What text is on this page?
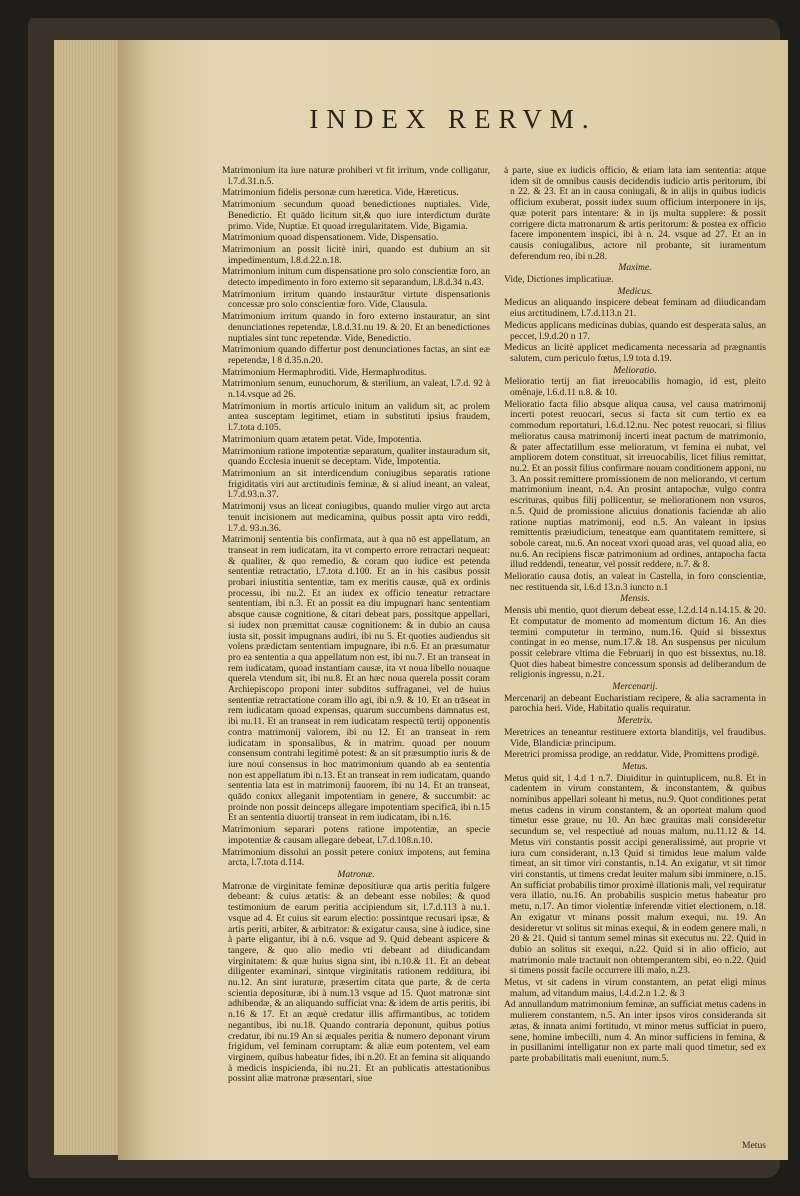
INDEX RERVM.
Matrimonium ita iure naturæ prohiberi vt fit irritum, vnde colligatur, l.7.d.31.n.5.
Matrimonium fidelis personæ cum hæretica. Vide, Hæreticus.
Matrimonium secundum quoad benedictiones nuptiales. Vide, Benedictio. Et quādo licitum sit,& quo iure interdictum durāte primo. Vide, Nuptiæ. Et quoad irregularitatem. Vide, Bigamia.
Matrimonium quoad dispensationem. Vide, Dispensatio.
Matrimonium an possit licitè iniri, quando est dubium an sit impedimentum, l.8.d.22.n.18.
Matrimonium initum cum dispensatione pro solo conscientiæ foro, an detecto impedimento in foro externo sit separandum, l.8.d.34 n.43.
Matrimonium irritum quando instaurātur virtute dispensationis concessæ pro solo conscientiæ foro. Vide, Clausula.
Matrimonium irritum quando in foro externo instauratur, an sint denunciationes repetendæ, l.8.d.31.nu 19. & 20. Et an benedictiones nuptiales sint tunc repetendæ. Vide, Benedictio.
Matrimonium quando differtur post denunciationes factas, an sint eæ repetendæ, l 8 d.35.n.20.
Matrimonium Hermaphroditi. Vide, Hermaphroditus.
Matrimonium senum, eunuchorum, & sterilium, an valeat, l.7.d. 92 à n.14.vsque ad 26.
Matrimonium in mortis articulo initum an validum sit, ac prolem antea susceptam legitimet, etiam in substituti ipsius fraudem, l.7.tota d.105.
Matrimonium quam ætatem petat. Vide, Impotentia.
Matrimonium ratione impotentiæ separatum, qualiter instauradum sit, quando Ecclesia inuenit se deceptam. Vide, Impotentia.
Matrimonium an sit interdicendum coniugibus separatis ratione frigiditatis viri aut arctitudinis feminæ, & si aliud ineant, an valeat, l.7.d.93.n.37.
Matrimonij vsus an liceat coniugibus, quando mulier virgo aut arcta tenuit incisionem aut medicamina, quibus possit apta viro reddi, l.7.d. 93.n.36.
Matrimonij sententia bis confirmata, aut à qua nō est appellatum, an transeat in rem iudicatam, ita vt comperto errore retractari nequeat: & qualiter, & quo remedio, & coram quo iudice est petenda sententiæ retractatio, l.7.tota d.100. Et an in his casibus possit probari iniustitia sententiæ, tam ex meritis causæ, quā ex ordinis processu, ibi nu.2. Et an iudex ex officio teneatur retractare sententiam, ibi n.3. Et an possit ea diu impugnari hanc sententiam absque causæ cognitione, & citari debeat pars, possitque appellari, si iudex non præmittat causæ cognitionem: & in dubio an causa iusta sit, possit impugnans audiri, ibi nu 5. Et quoties audiendus sit volens prædictam sententiam impugnare, ibi n.6. Et an præsumatur pro ea sententia a qua appellatum non est, ibi nu.7. Et an transeat in rem iudicatam, quoad instantiam causæ, ita vt noua libello nouaque querela vtendum sit, ibi nu.8. Et an hæc noua querela possit coram Archiepiscopo proponi inter subditos suffraganei, vel de huius sententiæ retractatione coram illo agi, ibi n.9. & 10. Et an trāseat in rem iudicatam quoad expensas, quarum succumbens damnatus est, ibi nu.11. Et an transeat in rem iudicatam respectū tertij opponentis contra matrimonij valorem, ibi nu 12. Et an transeat in rem iudicatam in sponsalibus, & in matrim. quoad per nouum consensum contrahi legitimè potest: & an sit præsumptio iuris & de iure noui consensus in hoc matrimonium quando ab ea sententia non est appellatum ibi n.13. Et an transeat in rem iudicatam, quando sententia lata est in matrimonij fauorem, ibi nu 14. Et an transeat, quādo coniux alleganit impotentiam in genere, & succumbit: ac proinde non possit deinceps allegare impotentiam specificā, ibi n.15 Et an sententia diuortij transeat in rem iudicatam, ibi n.16.
Matrimonium separari potens ratione impotentiæ, an specie impotentiæ & causam allegare debeat, l.7.d.108.n.10.
Matrimonium dissolui an possit petere coniux impotens, aut femina arcta, l.7.tota d.114.
Matronæ.
Matronæ de virginitate feminæ depositiuræ qua artis peritia fulgere debeant: & cuius ætatis: & an debeant esse nobiles: & quod testimonium de earum peritia accipiendum sit, l.7.d.113 à nu.1. vsque ad 4. Et cuius sit earum electio: possintque recusari ipsæ, & artis periti, arbiter, & arbitrator: & exigatur causa, sine à iudice, sine à parte eligantur, ibi à n.6. vsque ad 9. Quid debeant aspicere & tangere, & quo alio medio vti debeant ad diiudicandam virginitatem: & quæ huius signa sint, ibi n.10.& 11. Et an debeat diligenter examinari, sintque virginitatis rationem redditura, ibi nu.12. An sint iuraturæ, præsertim citata que parte, & de certa scientia deposituræ, ibi à num.13 vsque ad 15. Quot matronæ sint adhibendæ, & an aliquando sufficiat vna: & idem de artis peritis, ibi n.16 & 17. Et an æquè credatur illis affirmantibus, ac totidem negantibus, ibi nu.18. Quando contraria deponunt, quibus potius credatur, ibi nu.19 An si æquales peritia & numero deponant virum frigidum, vel feminam corruptam: & aliæ eum potentem, vel eam virginem, quibus habeatur fides, ibi n.20. Et an femina sit aliquando à medicis inspicienda, ibi nu.21. Et an publicatis attestationibus possint aliæ matronæ præsentari, siue
à parte, siue ex iudicis officio, & etiam lata iam sententia: atque idem sit de omnibus causis decidendis iudicio artis peritorum, ibi n 22. & 23. Et an in causa coniugali, & in alijs in quibus iudicis officium exuberat, possit iudex suum officium interponere in ijs, quæ poterit pars intentare: & in ijs multa supplere: & possit corrigere dicta matronarum & artis peritorum: & postea ex officio facere imponentem inspici, ibi à n. 24. vsque ad 27. Et an in causis coniugalibus, actore nil probante, sit iuramentum deferendum reo, ibi n.28.
Maxime.
Vide, Dictiones implicatiuæ.
Medicus.
Medicus an aliquando inspicere debeat feminam ad diiudicandam eius arctitudinem, l.7.d.113.n 21.
Medicus applicans medicinas dubias, quando est desperata salus, an peccet, l.9.d.20 n 17.
Medicus an licitè applicet medicamenta necessaria ad prægnantis salutem, cum periculo fœtus, l.9 tota d.19.
Melioratio.
Melioratio tertij an fiat irreuocabilis homagio, id est, pleito omênaje, l.6.d.11 n.8. & 10.
Melioratio facta filio absque aliqua causa, vel causa matrimonij incerti potest reuocari, secus si facta sit cum tertio ex ea commodum reportaturi, l.6.d.12.nu. Nec potest reuocari, si filius melioratus causa matrimonij incerti ineat pactum de matrimonio, & pater affectatillum esse melioratum, vt femina ei nubat, vel ampliorem dotem constituat, sit irreuocabilis, licet filius remittat, nu.2. Et an possit filius confirmare nouam conditionem apponi, nu 3. An possit remittere promissionem de non meliorando, vt certum matrimonium ineant, n.4. An prosint antapochæ, vulgo contra escrituras, quibus filij pollicentur, se meliorationem non vsuros, n.5. Quid de promissione alicuius donationis faciendæ ab alio ratione nuptias matrimonij, eod n.5. An valeant in ipsius remittentis præiudicium, teneatque eam quantitatem remittere, si sobole careat, nu.6. An noceat vxori quoad aras, vel quoad alia, eo nu.6. An recipiens fiscæ patrimonium ad ordines, antapocha facta illud reddendi, teneatur, vel possit reddere, n.7. & 8.
Melioratio causa dotis, an valeat in Castella, in foro conscientiæ, nec restituenda sit, l.6.d 13.n.3 iuncto n.1
Mensis.
Mensis ubi mentio, quot dierum debeat esse, l.2.d.14 n.14.15. & 20. Et computatur de momento ad momentum dictum 16. An dies termini computetur in termino, num.16. Quid si bissextus contingat in eo mense, num.17.& 18. An suspensus per niculum possit celebrare vltima die Februarij in quo est bissextus, nu.18. Quot dies habeat bimestre concessum sponsis ad deliberandum de religionis ingressu, n.21.
Mercenarij.
Mercenarij an debeant Eucharistiam recipere, & alia sacramenta in parochia heri. Vide, Habitatio qualis requiratur.
Meretrix.
Meretrices an teneantur restituere extorta blanditijs, vel fraudibus. Vide, Blandiciæ principum.
Meretrici promissa prodige, an reddatur. Vide, Promittens prodigè.
Metus.
Metus quid sit, l 4.d 1 n.7. Diuiditur in quintuplicem, nu.8. Et in cadentem in virum constantem, & inconstantem, & quibus nominibus appellari soleant hi metus, nu.9. Quot conditiones petat metus cadens in virum constantem, & an oporteat malum quod timetur esse graue, nu 10. An hæc grauitas mali consideretur secundum se, vel respectiuè ad nouas malum, nu.11.12 & 14. Metus viri constantis possit accipi generalissimè, aut proprie vt iura cum considerant, n.13 Quid si timidus leue malum valde timeat, an sit timor viri constantis, n.14. An exigatur, vt sit timor viri constantis, ut timens credat leuiter malum sibi imminere, n.15. An sufficiat probabilis timor proximè illationis mali, vel requiratur vera illatio, nu.16. An probabilis suspicio metus habeatur pro metu, n.17. An timor violentiæ inferendæ vitiet electionem, n.18. An exigatur vt minans possit malum exequi, nu. 19. An desideretur vt solitus sit minas exequi, & in eodem genere mali, n 20 & 21. Quid si tantum semel minas sit executus nu. 22. Quid in dubio an solitus sit exequi, n.22. Quid si in alio officio, aut matrimonio male tractauit non obtemperantem sibi, eo n.22. Quid si timens possit facile occurrere illi malo, n.23.
Metus, vt sit cadens in virum constantem, an petat eligi minus malum, ad vitandum maius, l.4.d.2.n 1.2. & 3
Ad annullandum matrimonium feminæ, an sufficiat metus cadens in mulierem constantem, n.5. An inter ipsos viros consideranda sit ætas, & innata animi fortitudo, vt minor metus sufficiat in puero, sene, homine imbecilli, num 4. An minor sufficiens in femina, & in pusillanimi intelligatur non ex parte mali quod timetur, sed ex parte probabilitatis mali eueniunt, num.5.
Metus
